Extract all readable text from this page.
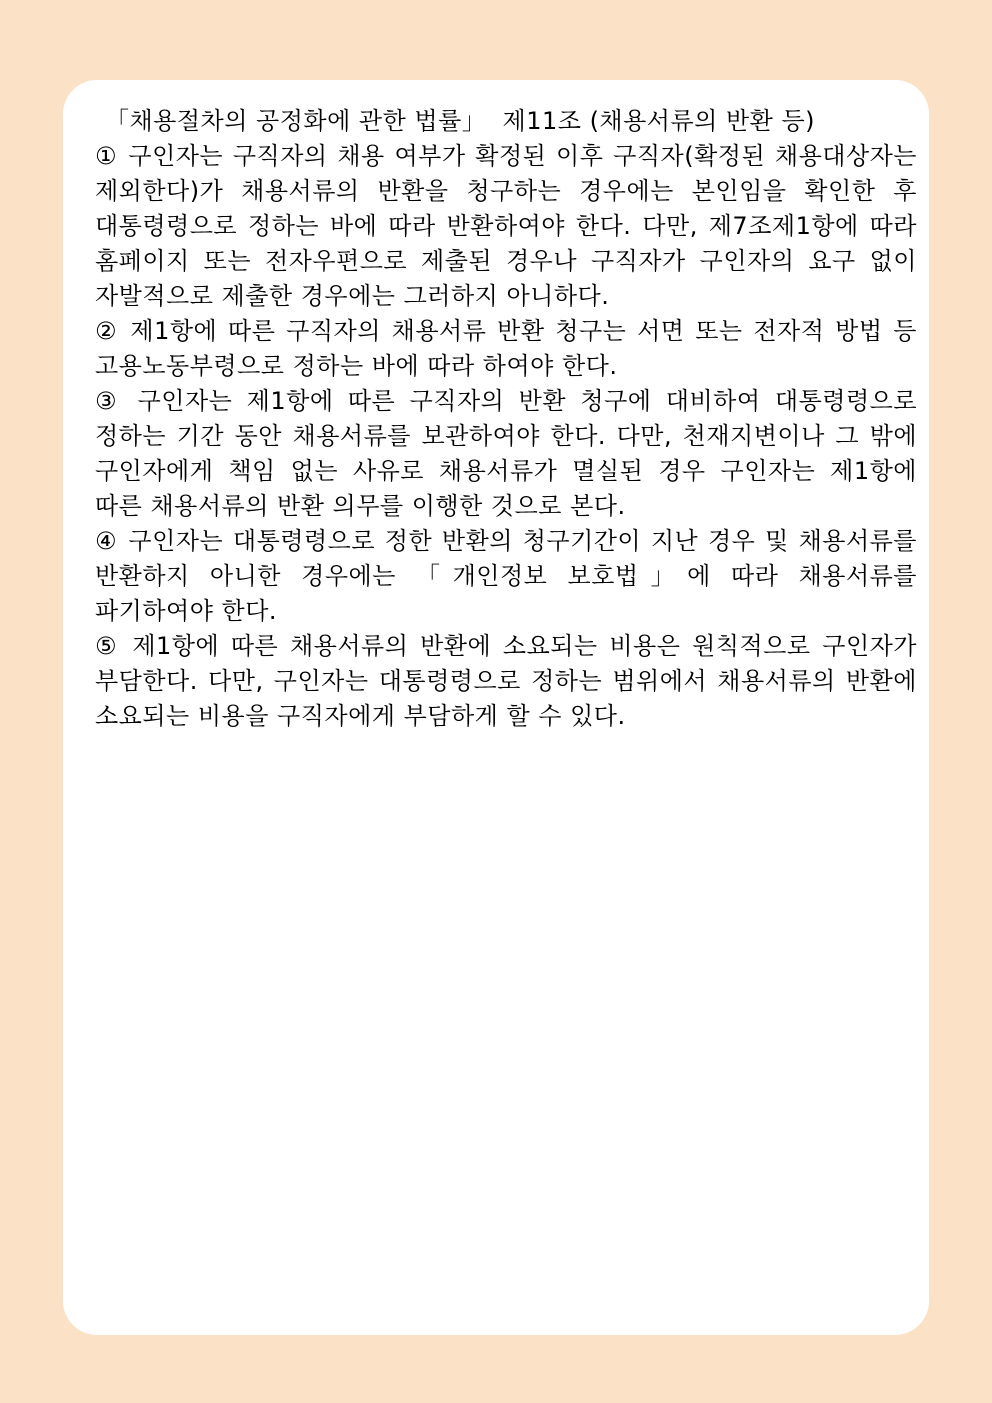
「채용절차의 공정화에 관한 법률」  제11조 (채용서류의 반환 등)

① 구인자는 구직자의 채용 여부가 확정된 이후 구직자(확정된 채용대상자는 제외한다)가 채용서류의 반환을 청구하는 경우에는 본인임을 확인한 후 대통령령으로 정하는 바에 따라 반환하여야 한다. 다만, 제7조제1항에 따라 홈페이지 또는 전자우편으로 제출된 경우나 구직자가 구인자의 요구 없이 자발적으로 제출한 경우에는 그러하지 아니하다.

② 제1항에 따른 구직자의 채용서류 반환 청구는 서면 또는 전자적 방법 등 고용노동부령으로 정하는 바에 따라 하여야 한다.

③ 구인자는 제1항에 따른 구직자의 반환 청구에 대비하여 대통령령으로 정하는 기간 동안 채용서류를 보관하여야 한다. 다만, 천재지변이나 그 밖에 구인자에게 책임 없는 사유로 채용서류가 멸실된 경우 구인자는 제1항에 따른 채용서류의 반환 의무를 이행한 것으로 본다.

④ 구인자는 대통령령으로 정한 반환의 청구기간이 지난 경우 및 채용서류를 반환하지 아니한 경우에는 「개인정보 보호법」에 따라 채용서류를 파기하여야 한다.

⑤ 제1항에 따른 채용서류의 반환에 소요되는 비용은 원칙적으로 구인자가 부담한다. 다만, 구인자는 대통령령으로 정하는 범위에서 채용서류의 반환에 소요되는 비용을 구직자에게 부담하게 할 수 있다.
